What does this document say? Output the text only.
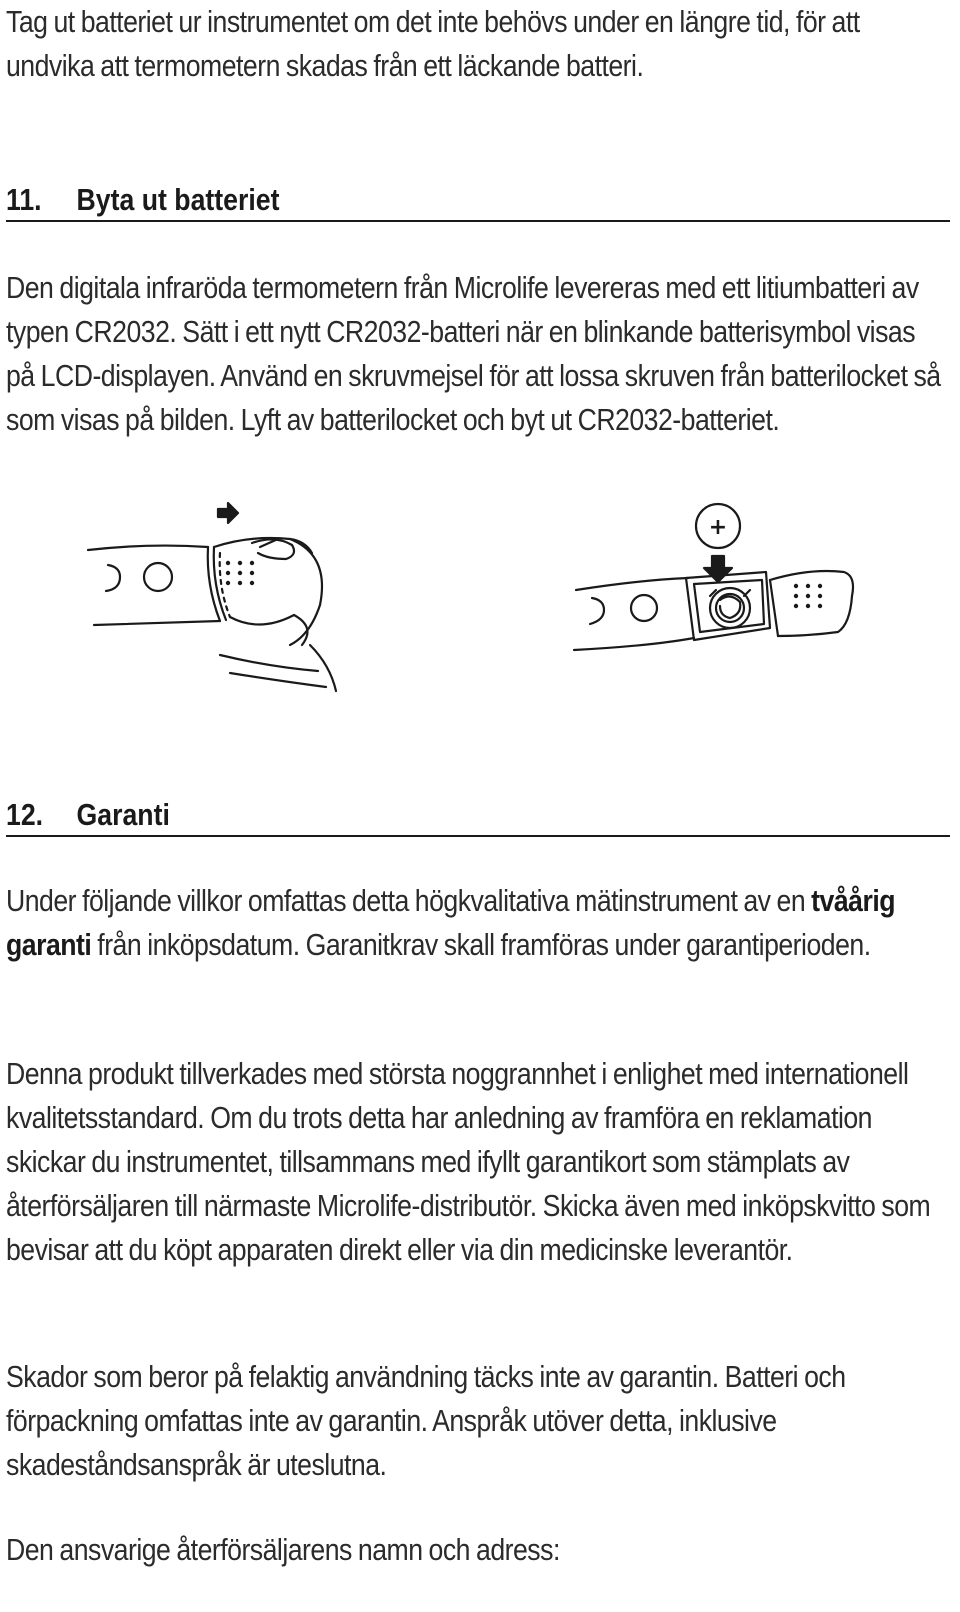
Tag ut batteriet ur instrumentet om det inte behövs under en längre tid, för att undvika att termometern skadas från ett läckande batteri.

11. Byta ut batteriet

Den digitala infraröda termometern från Microlife levereras med ett litiumbatteri av typen CR2032. Sätt i ett nytt CR2032-batteri när en blinkande batterisymbol visas på LCD-displayen. Använd en skruvmejsel för att lossa skruven från batterilocket så som visas på bilden. Lyft av batterilocket och byt ut CR2032-batteriet.

+
12. Garanti

Under följande villkor omfattas detta högkvalitativa mätinstrument av en tvåårig garanti från inköpsdatum. Garanitkrav skall framföras under garantiperioden.

Denna produkt tillverkades med största noggrannhet i enlighet med internationell kvalitetsstandard. Om du trots detta har anledning av framföra en reklamation skickar du instrumentet, tillsammans med ifyllt garantikort som stämplats av återförsäljaren till närmaste Microlife-distributör. Skicka även med inköpskvitto som bevisar att du köpt apparaten direkt eller via din medicinske leverantör.

Skador som beror på felaktig användning täcks inte av garantin. Batteri och förpackning omfattas inte av garantin. Anspråk utöver detta, inklusive skadeståndsanspråk är uteslutna.

Den ansvarige återförsäljarens namn och adress:
